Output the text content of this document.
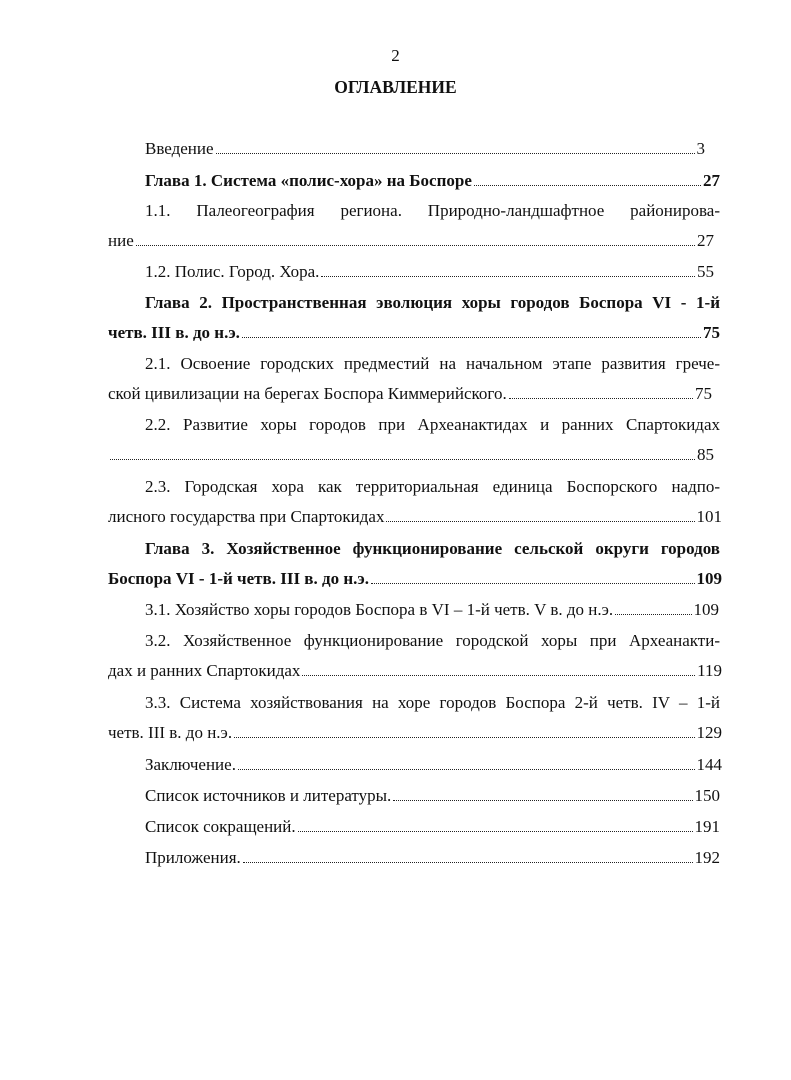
2
ОГЛАВЛЕНИЕ
Введение	3
Глава 1. Система «полис-хора» на Боспоре	27
1.1. Палеогеография региона. Природно-ландшафтное районирова-
ние	27
1.2. Полис. Город. Хора.	55
Глава 2. Пространственная эволюция хоры городов Боспора VI - 1-й
четв. III в. до н.э.	75
2.1. Освоение городских предместий на начальном этапе развития грече-
ской цивилизации на берегах Боспора Киммерийского.	75
2.2. Развитие хоры городов при Археанактидах и ранних Спартокидах
85
2.3. Городская хора как территориальная единица Боспорского надпо-
лисного государства при Спартокидах	101
Глава 3. Хозяйственное функционирование сельской округи городов
Боспора VI - 1-й четв. III в. до н.э.	109
3.1. Хозяйство хоры городов Боспора в VI – 1-й четв. V в. до н.э.	109
3.2. Хозяйственное функционирование городской хоры при Археанакти-
дах и ранних Спартокидах	119
3.3. Система хозяйствования на хоре городов Боспора 2-й четв. IV – 1-й
четв. III в. до н.э.	129
Заключение.	144
Список источников и литературы.	150
Список сокращений.	191
Приложения.	192
